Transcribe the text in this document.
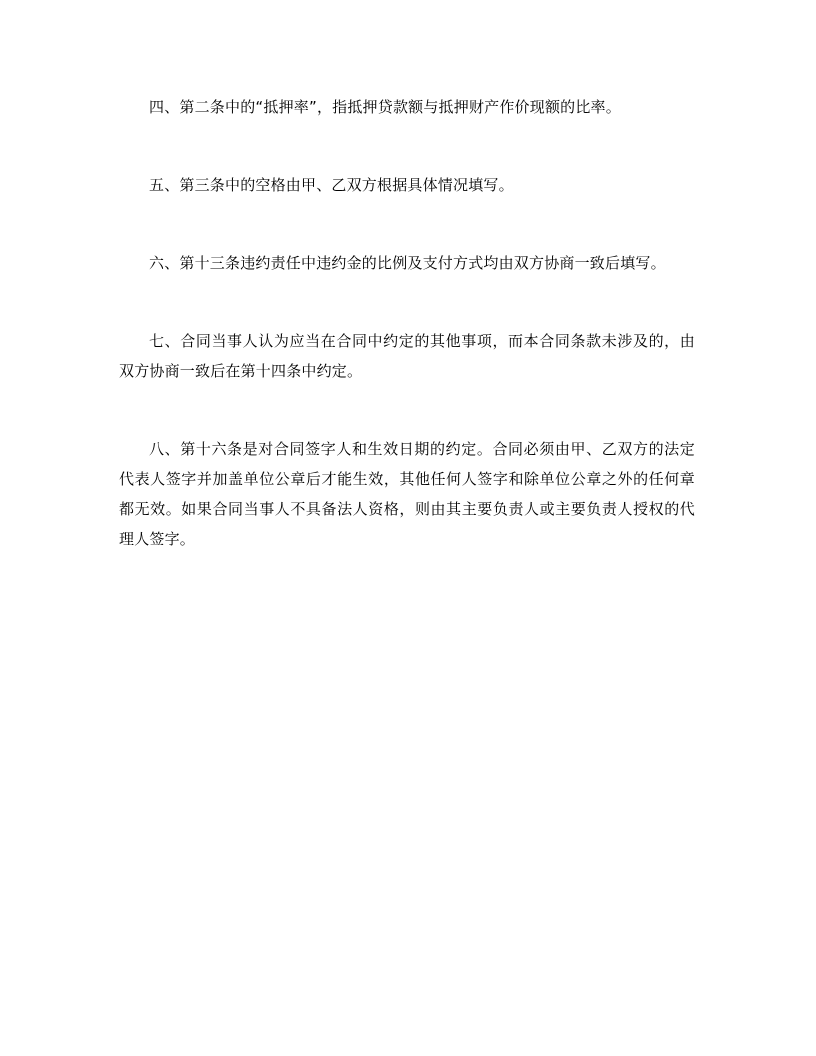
四、第二条中的“抵押率”，指抵押贷款额与抵押财产作价现额的比率。

五、第三条中的空格由甲、乙双方根据具体情况填写。

六、第十三条违约责任中违约金的比例及支付方式均由双方协商一致后填写。

七、合同当事人认为应当在合同中约定的其他事项，而本合同条款未涉及的，由双方协商一致后在第十四条中约定。

八、第十六条是对合同签字人和生效日期的约定。合同必须由甲、乙双方的法定代表人签字并加盖单位公章后才能生效，其他任何人签字和除单位公章之外的任何章都无效。如果合同当事人不具备法人资格，则由其主要负责人或主要负责人授权的代理人签字。
